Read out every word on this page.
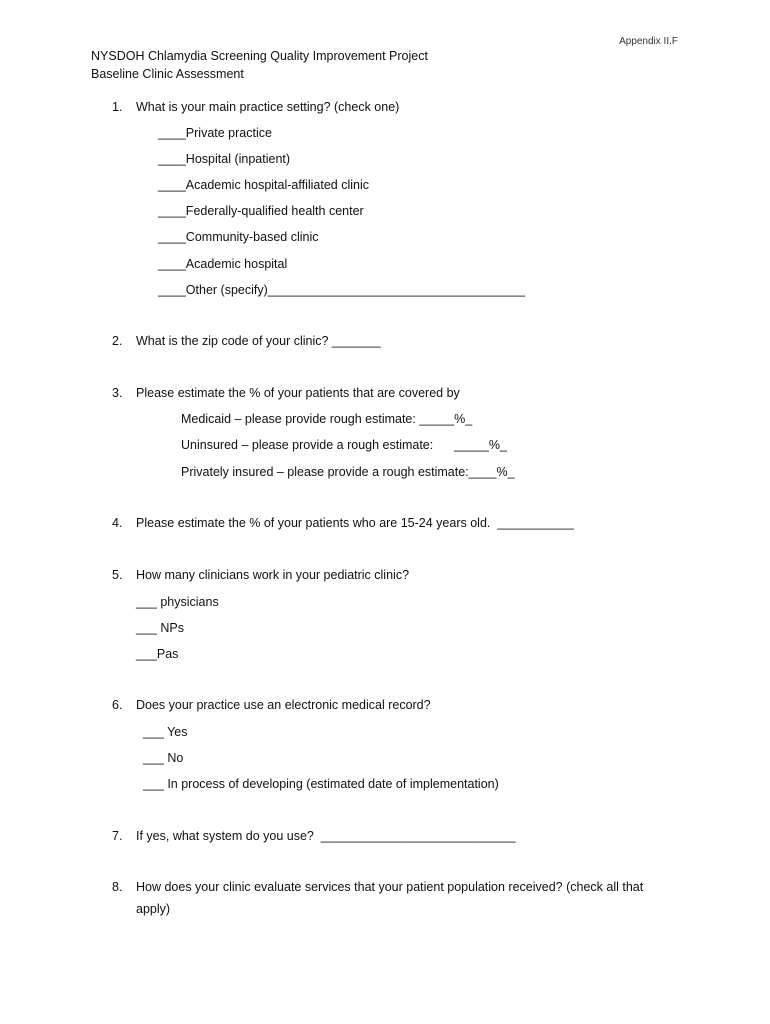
Appendix II.F
NYSDOH Chlamydia Screening Quality Improvement Project
Baseline Clinic Assessment
1. What is your main practice setting? (check one)
____Private practice
____Hospital (inpatient)
____Academic hospital-affiliated clinic
____Federally-qualified health center
____Community-based clinic
____Academic hospital
____Other (specify)_____________________________________
2. What is the zip code of your clinic? _______
3. Please estimate the % of your patients that are covered by
Medicaid – please provide rough estimate: _____%_
Uninsured – please provide a rough estimate:      _____%_
Privately insured – please provide a rough estimate:____%_
4. Please estimate the % of your patients who are 15-24 years old.  ___________
5. How many clinicians work in your pediatric clinic?
___ physicians
___ NPs
___Pas
6. Does your practice use an electronic medical record?
___ Yes
___ No
___ In process of developing (estimated date of implementation)
7. If yes, what system do you use?  ____________________________
8. How does your clinic evaluate services that your patient population received? (check all that
apply)
